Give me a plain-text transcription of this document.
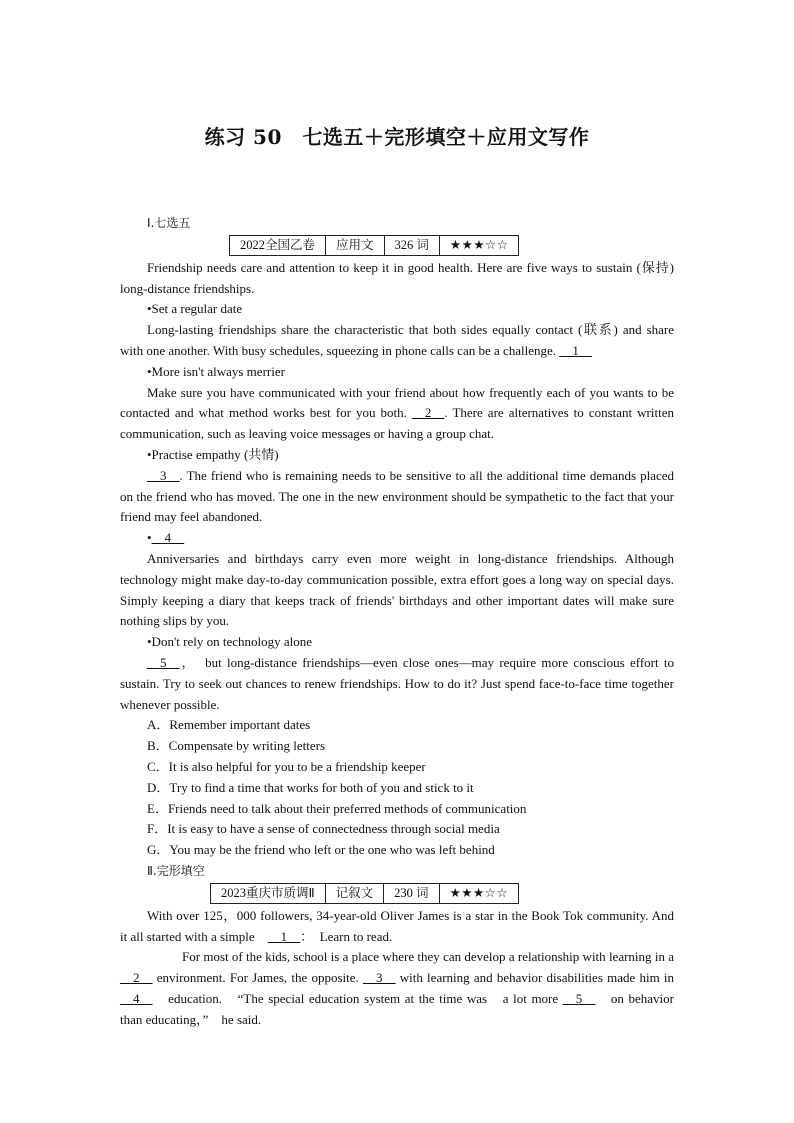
练习 50　七选五＋完形填空＋应用文写作

Ⅰ.七选五

2022全国乙卷	应用文	326 词	★★★☆☆

Friendship needs care and attention to keep it in good health. Here are five ways to sustain (保持) long-distance friendships.

•Set a regular date

Long-lasting friendships share the characteristic that both sides equally contact (联系) and share with one another. With busy schedules, squeezing in phone calls can be a challenge. __1__

•More isn't always merrier

Make sure you have communicated with your friend about how frequently each of you wants to be contacted and what method works best for you both. __2__. There are alternatives to constant written communication, such as leaving voice messages or having a group chat.

•Practise empathy (共情)

__3__. The friend who is remaining needs to be sensitive to all the additional time demands placed on the friend who has moved. The one in the new environment should be sympathetic to the fact that your friend may feel abandoned.

•__4__

Anniversaries and birthdays carry even more weight in long-distance friendships. Although technology might make day-to-day communication possible, extra effort goes a long way on special days. Simply keeping a diary that keeps track of friends' birthdays and other important dates will make sure nothing slips by you.

•Don't rely on technology alone

__5__，　but long-distance friendships—even close ones—may require more conscious effort to sustain. Try to seek out chances to renew friendships. How to do it? Just spend face-to-face time together whenever possible.

A．Remember important dates

B．Compensate by writing letters

C．It is also helpful for you to be a friendship keeper

D．Try to find a time that works for both of you and stick to it

E．Friends need to talk about their preferred methods of communication

F．It is easy to have a sense of connectedness through social media

G．You may be the friend who left or the one who was left behind

Ⅱ.完形填空

2023重庆市质调Ⅱ	记叙文	230 词	★★★☆☆

With over 125，000 followers, 34-year-old Oliver James is a star in the Book Tok community. And it all started with a simple　__1__：　Learn to read.

For most of the kids, school is a place where they can develop a relationship with learning in a __2__ environment. For James, the opposite. __3__ with learning and behavior disabilities made him in __4__　education.　“The special education system at the time was　a lot more __5__　on behavior than educating，”　he said.
